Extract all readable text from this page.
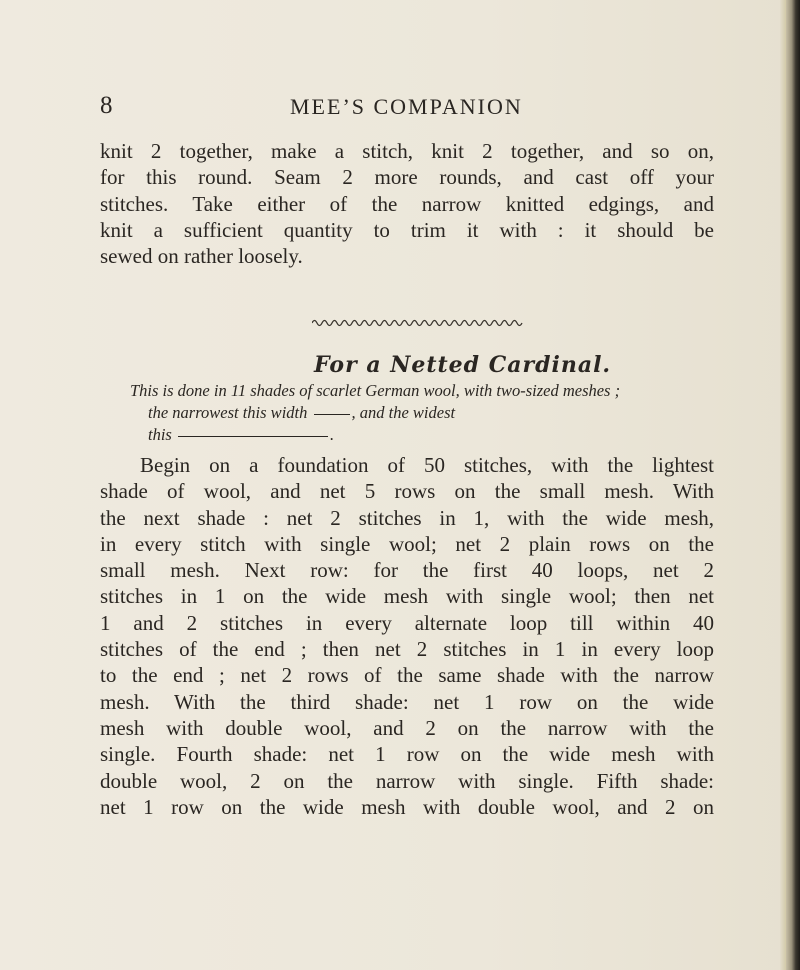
8	MEE’S COMPANION
knit 2 together, make a stitch, knit 2 together, and so on,
for this round. Seam 2 more rounds, and cast off your
stitches. Take either of the narrow knitted edgings, and
knit a sufficient quantity to trim it with : it should be
sewed on rather loosely.
For a Netted Cardinal.
This is done in 11 shades of scarlet German wool, with two-sized meshes ;
the narrowest this width	, and the widest
this	.
Begin on a foundation of 50 stitches, with the lightest
shade of wool, and net 5 rows on the small mesh. With
the next shade : net 2 stitches in 1, with the wide mesh,
in every stitch with single wool; net 2 plain rows on the
small mesh. Next row: for the first 40 loops, net 2
stitches in 1 on the wide mesh with single wool; then net
1 and 2 stitches in every alternate loop till within 40
stitches of the end ; then net 2 stitches in 1 in every loop
to the end ; net 2 rows of the same shade with the narrow
mesh. With the third shade: net 1 row on the wide
mesh with double wool, and 2 on the narrow with the
single. Fourth shade: net 1 row on the wide mesh with
double wool, 2 on the narrow with single. Fifth shade:
net 1 row on the wide mesh with double wool, and 2 on
